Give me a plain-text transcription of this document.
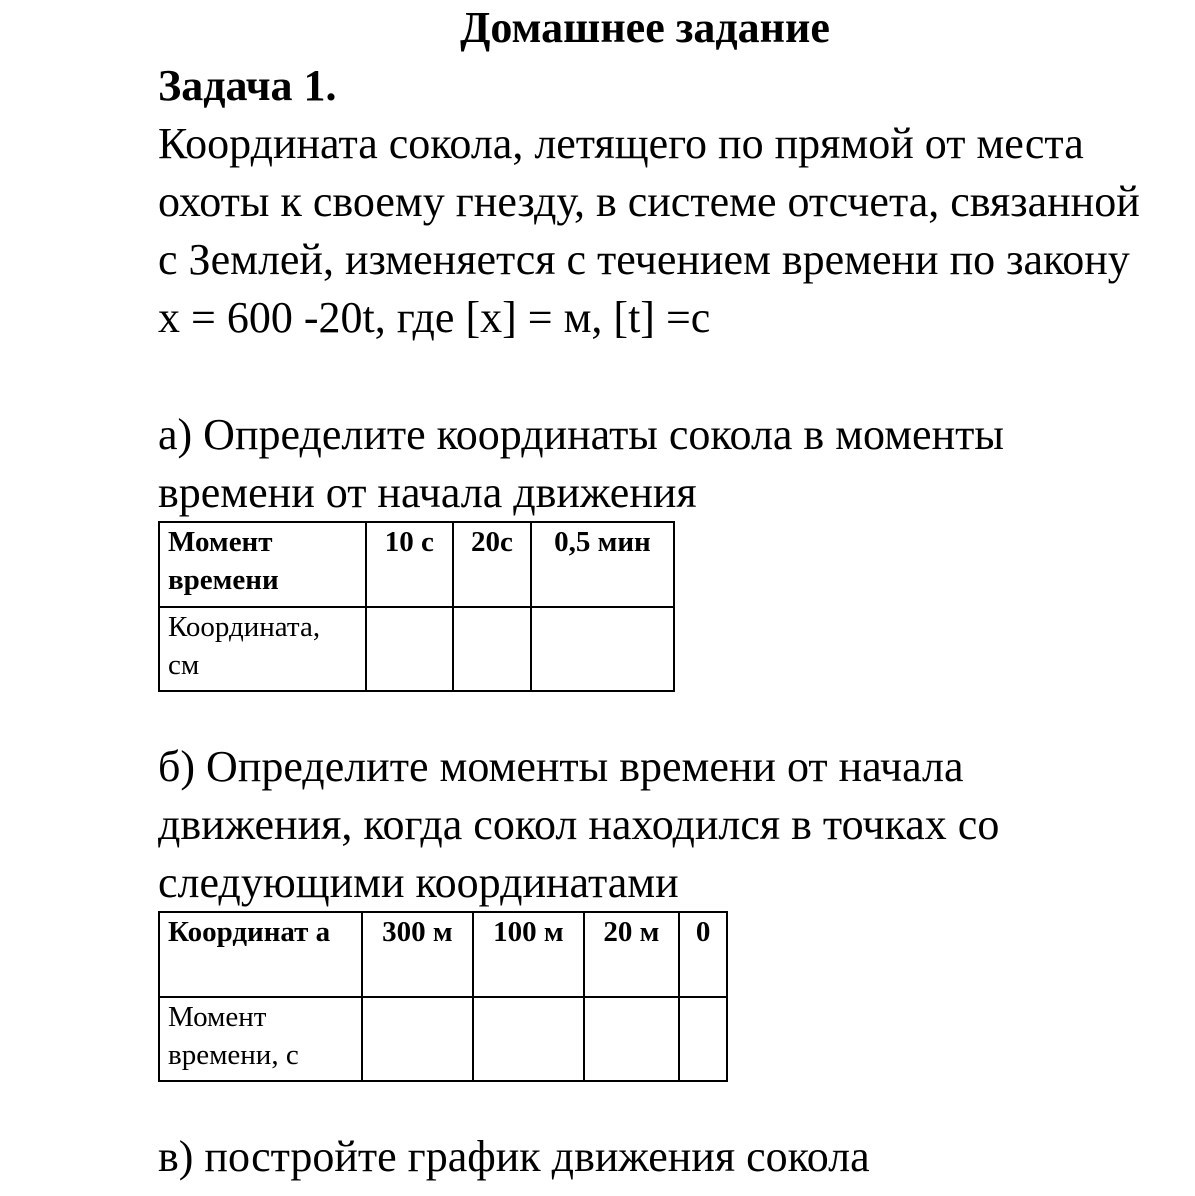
Домашнее задание
Задача 1.

Координата сокола, летящего по прямой от места охоты к своему гнезду, в системе отсчета, связанной с Землей, изменяется с течением времени по закону x = 600 -20t, где [x] = м, [t] =с

а) Определите координаты сокола в моменты времени от начала движения

Момент времени	10 с	20с	0,5 мин
Координата, см			

б) Определите моменты времени от начала движения, когда сокол находился в точках со следующими координатами

Координат а	300 м	100 м	20 м	0
Момент времени, с				

в) постройте график движения сокола
